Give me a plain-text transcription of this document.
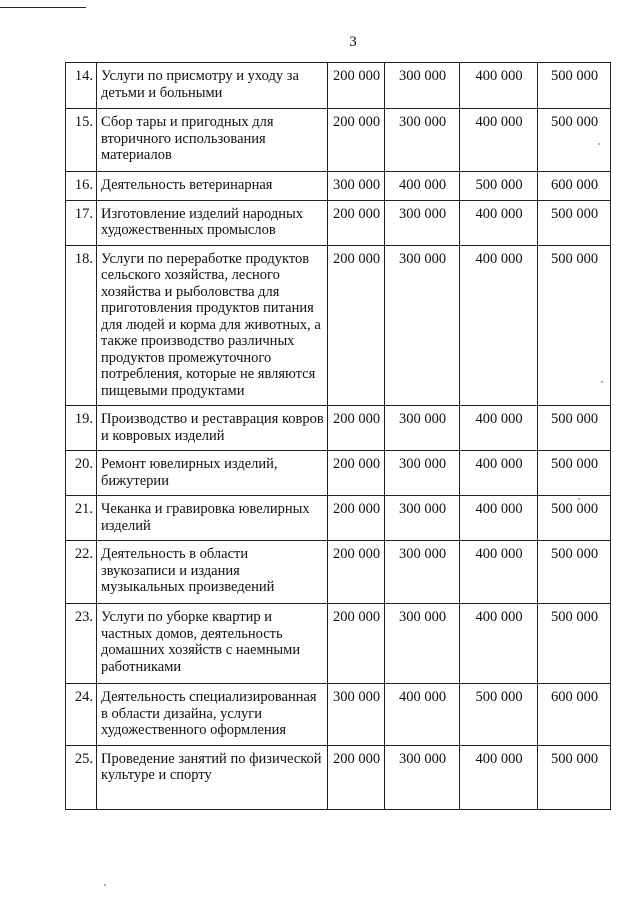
3
14.	Услуги по присмотру и уходу за детьми и больными	200 000	300 000	400 000	500 000
15.	Сбор тары и пригодных для вторичного использования материалов	200 000	300 000	400 000	500 000
16.	Деятельность ветеринарная	300 000	400 000	500 000	600 000
17.	Изготовление изделий народных художественных промыслов	200 000	300 000	400 000	500 000
18.	Услуги по переработке продуктов сельского хозяйства, лесного хозяйства и рыболовства для приготовления продуктов питания для людей и корма для животных, а также производство различных продуктов промежуточного потребления, которые не являются пищевыми продуктами	200 000	300 000	400 000	500 000
19.	Производство и реставрация ковров и ковровых изделий	200 000	300 000	400 000	500 000
20.	Ремонт ювелирных изделий, бижутерии	200 000	300 000	400 000	500 000
21.	Чеканка и гравировка ювелирных изделий	200 000	300 000	400 000	500 000
22.	Деятельность в области звукозаписи и издания музыкальных произведений	200 000	300 000	400 000	500 000
23.	Услуги по уборке квартир и частных домов, деятельность домашних хозяйств с наемными работниками	200 000	300 000	400 000	500 000
24.	Деятельность специализированная в области дизайна, услуги художественного оформления	300 000	400 000	500 000	600 000
25.	Проведение занятий по физической культуре и спорту	200 000	300 000	400 000	500 000
